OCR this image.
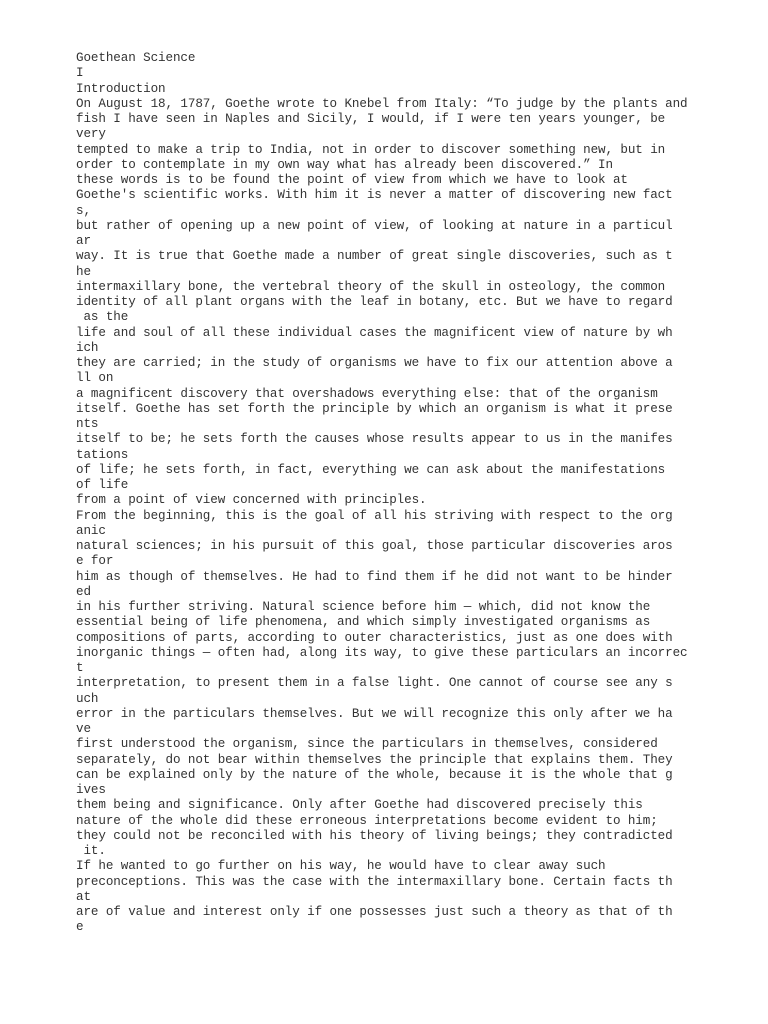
Goethean Science
I
Introduction
On August 18, 1787, Goethe wrote to Knebel from Italy: “To judge by the plants and
fish I have seen in Naples and Sicily, I would, if I were ten years younger, be
very
tempted to make a trip to India, not in order to discover something new, but in
order to contemplate in my own way what has already been discovered.” In
these words is to be found the point of view from which we have to look at
Goethe's scientific works. With him it is never a matter of discovering new fact
s,
but rather of opening up a new point of view, of looking at nature in a particul
ar
way. It is true that Goethe made a number of great single discoveries, such as t
he
intermaxillary bone, the vertebral theory of the skull in osteology, the common
identity of all plant organs with the leaf in botany, etc. But we have to regard
as the
life and soul of all these individual cases the magnificent view of nature by wh
ich
they are carried; in the study of organisms we have to fix our attention above a
ll on
a magnificent discovery that overshadows everything else: that of the organism
itself. Goethe has set forth the principle by which an organism is what it prese
nts
itself to be; he sets forth the causes whose results appear to us in the manifes
tations
of life; he sets forth, in fact, everything we can ask about the manifestations
of life
from a point of view concerned with principles.
From the beginning, this is the goal of all his striving with respect to the org
anic
natural sciences; in his pursuit of this goal, those particular discoveries aros
e for
him as though of themselves. He had to find them if he did not want to be hinder
ed
in his further striving. Natural science before him — which, did not know the
essential being of life phenomena, and which simply investigated organisms as
compositions of parts, according to outer characteristics, just as one does with
inorganic things — often had, along its way, to give these particulars an incorrec
t
interpretation, to present them in a false light. One cannot of course see any s
uch
error in the particulars themselves. But we will recognize this only after we ha
ve
first understood the organism, since the particulars in themselves, considered
separately, do not bear within themselves the principle that explains them. They
can be explained only by the nature of the whole, because it is the whole that g
ives
them being and significance. Only after Goethe had discovered precisely this
nature of the whole did these erroneous interpretations become evident to him;
they could not be reconciled with his theory of living beings; they contradicted
it.
If he wanted to go further on his way, he would have to clear away such
preconceptions. This was the case with the intermaxillary bone. Certain facts th
at
are of value and interest only if one possesses just such a theory as that of th
e
